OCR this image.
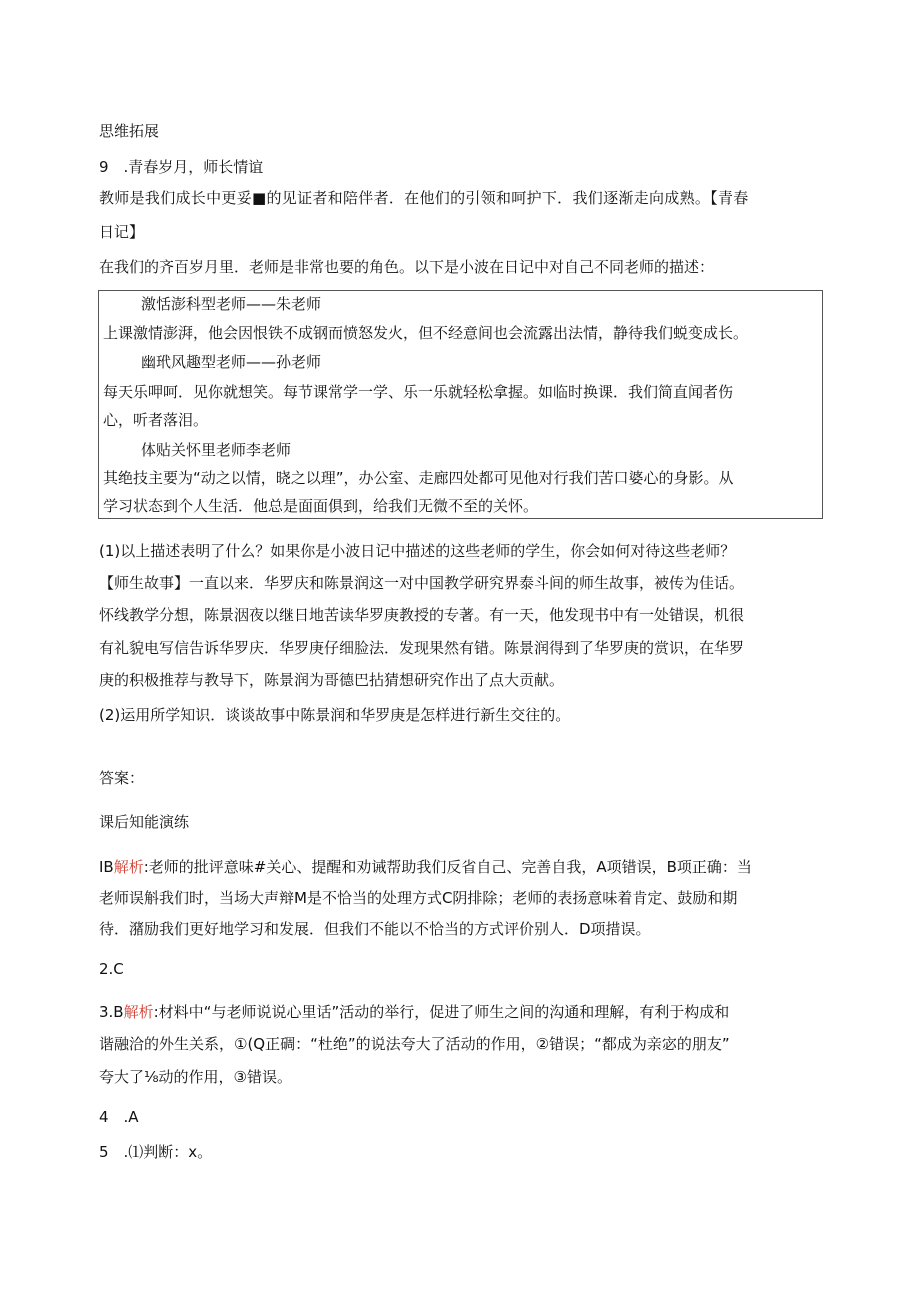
思维拓展
9　.青春岁月，师长情谊
教师是我们成长中更妥■的见证者和陪伴者．在他们的引领和呵护下．我们逐渐走向成熟。【青春
日记】
在我们的齐百岁月里．老师是非常也要的角色。以下是小波在日记中对自己不同老师的描述：
激恬澎科型老师——朱老师
上课激情澎湃，他会因恨铁不成钢而愤怒发火，但不经意间也会流露出法情，静待我们蜕变成长。
幽玳风趣型老师——孙老师
每天乐呷呵．见你就想笑。每节课常学一学、乐一乐就轻松拿握。如临时换课．我们简直闻者伤
心，听者落泪。
体贴关怀里老师李老师
其绝技主要为“动之以情，晓之以理”，办公室、走廊四处都可见他对行我们苦口婆心的身影。从
学习状态到个人生活．他总是面面俱到，给我们无微不至的关怀。
(1)以上描述表明了什么？如果你是小波日记中描述的这些老师的学生，你会如何对待这些老师？
【师生故事】一直以来．华罗庆和陈景润这一对中国教学研究界泰斗间的师生故事，被传为佳话。
怀线教学分想，陈景洇夜以继日地苦读华罗庚教授的专著。有一天，他发现书中有一处错误，机很
有礼貌电写信告诉华罗庆．华罗庚仔细脸法．发现果然有错。陈景润得到了华罗庚的赏识，在华罗
庚的积极推荐与教导下，陈景润为哥德巴拈猜想研究作出了点大贡献。
(2)运用所学知识．谈谈故事中陈景润和华罗庚是怎样进行新生交往的。
答案：
课后知能演练
IB解析:老师的批评意味#关心、提醒和劝诫帮助我们反省自己、完善自我，A项错误，B项正确：当
老师误斛我们时，当场大声辩M是不恰当的处理方式C阴排除；老师的表扬意味着肯定、鼓励和期
待．潴励我们更好地学习和发展．但我们不能以不恰当的方式评价别人．D项措误。
2.C
3.B解析:材料中“与老师说说心里话”活动的举行，促进了师生之间的沟通和理解，有利于构成和
谐融洽的外生关系，①(Q正碉：“杜绝”的说法夸大了活动的作用，②错误；“都成为亲宓的朋友”
夸大了⅛动的作用，③错误。
4　.A
5　.⑴判断：x。
